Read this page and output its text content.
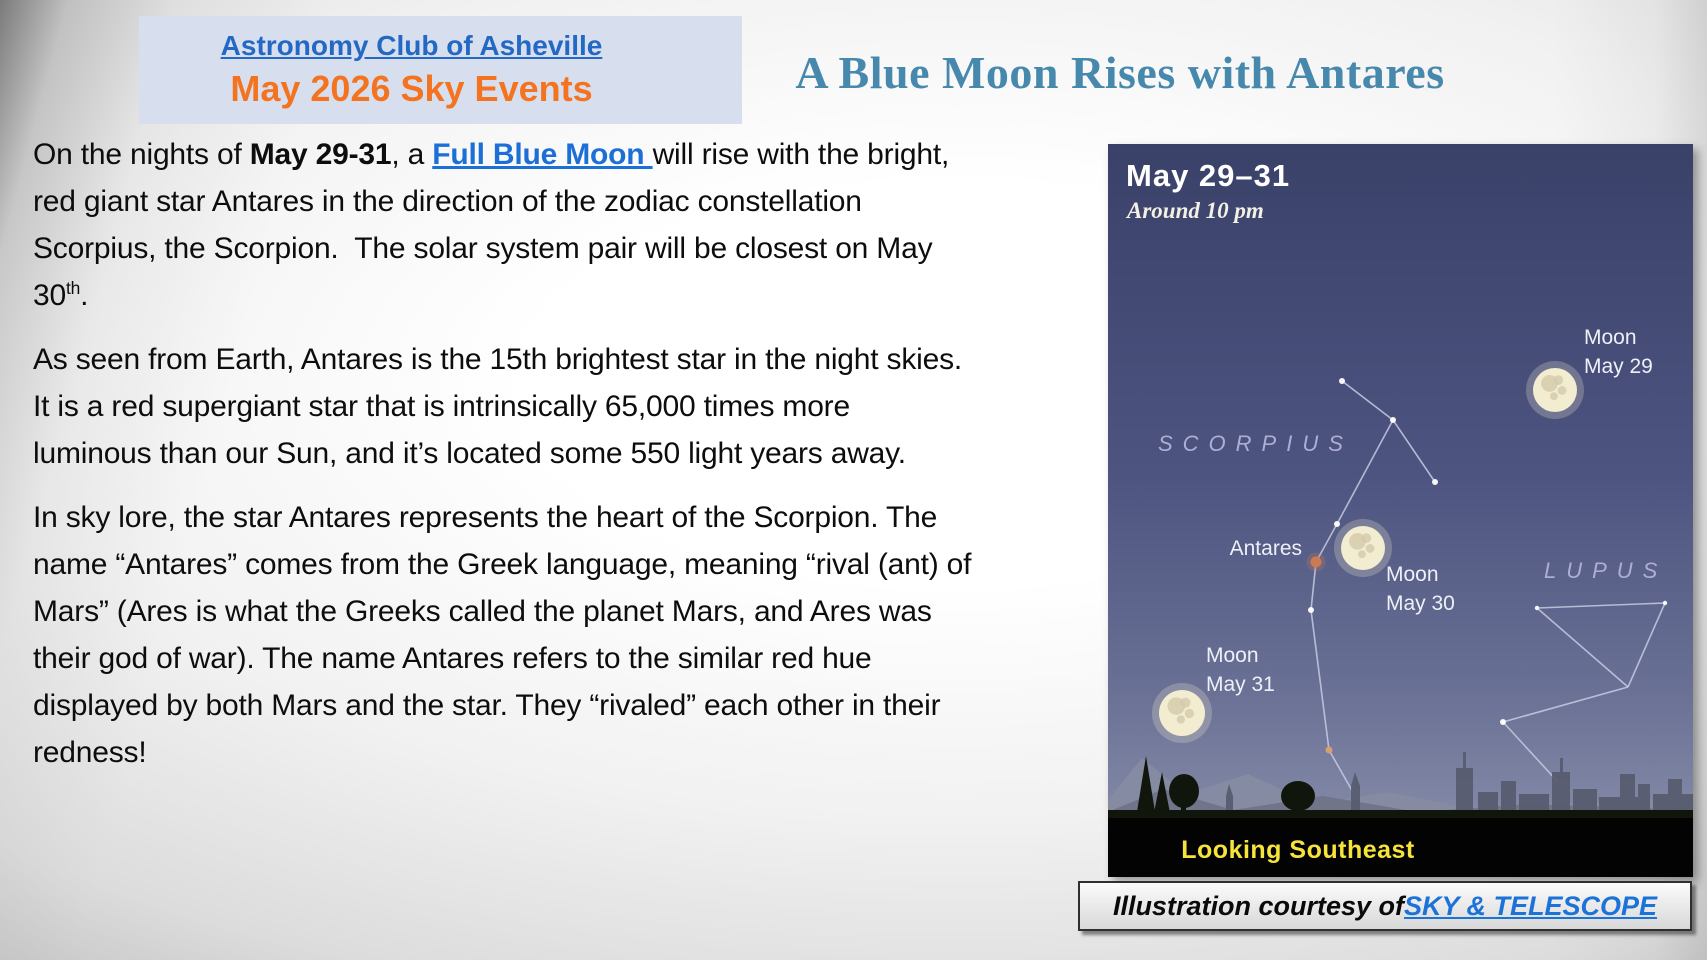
Astronomy Club of Asheville
May 2026 Sky Events	A Blue Moon Rises with Antares

On the nights of May 29-31, a Full Blue Moon will rise with the bright, red giant star Antares in the direction of the zodiac constellation Scorpius, the Scorpion.  The solar system pair will be closest on May 30th.

As seen from Earth, Antares is the 15th brightest star in the night skies. It is a red supergiant star that is intrinsically 65,000 times more luminous than our Sun, and it’s located some 550 light years away.

In sky lore, the star Antares represents the heart of the Scorpion. The name “Antares” comes from the Greek language, meaning “rival (ant) of Mars” (Ares is what the Greeks called the planet Mars, and Ares was their god of war). The name Antares refers to the similar red hue displayed by both Mars and the star. They “rivaled” each other in their redness!

Moon May 29
Moon May 30
Moon May 31
Antares
SCORPIUS
LUPUS
May 29–31
Around 10 pm
Looking Southeast
Illustration courtesy of SKY & TELESCOPE
